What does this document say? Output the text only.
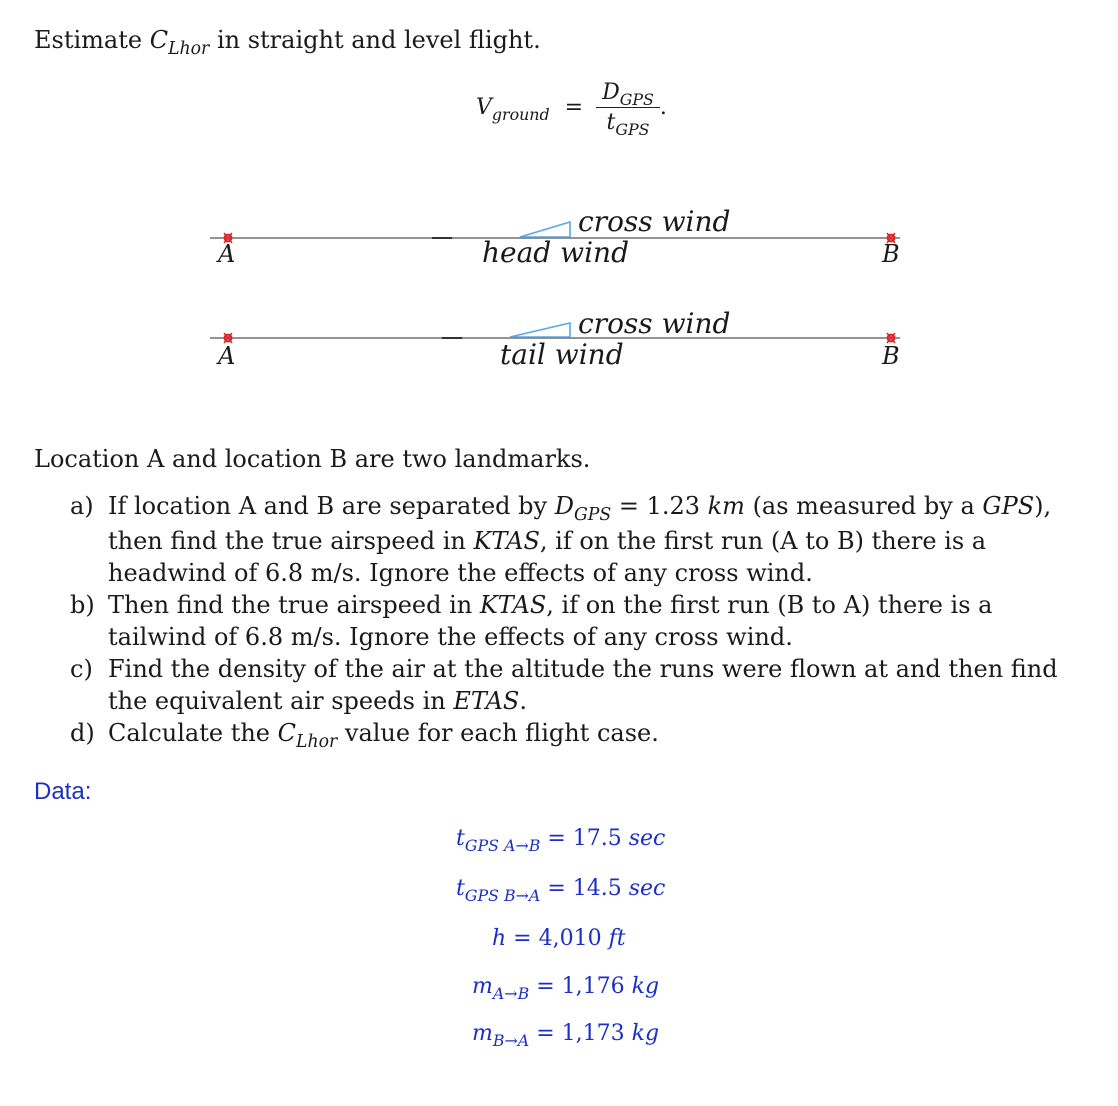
Estimate $C_{Lhor}$ in straight and level flight.
$V_{ground} = \frac{D_{GPS}}{t_{GPS}}$ .
A	B
cross wind
head wind
A	B
cross wind
tail wind
Location A and location B are two landmarks.
a) If location A and B are separated by $D_{GPS} = 1.23$ km (as measured by a GPS), then find the true airspeed in KTAS, if on the first run (A to B) there is a headwind of 6.8 m/s. Ignore the effects of any cross wind.
b) Then find the true airspeed in KTAS, if on the first run (B to A) there is a tailwind of 6.8 m/s. Ignore the effects of any cross wind.
c) Find the density of the air at the altitude the runs were flown at and then find the equivalent air speeds in ETAS.
d) Calculate the $C_{Lhor}$ value for each flight case.
Data:
$t_{GPS A\to B} = 17.5$ sec
$t_{GPS B\to A} = 14.5$ sec
h = 4,010 ft
$m_{A\to B} = 1,176$ kg
$m_{B\to A} = 1,173$ kg
